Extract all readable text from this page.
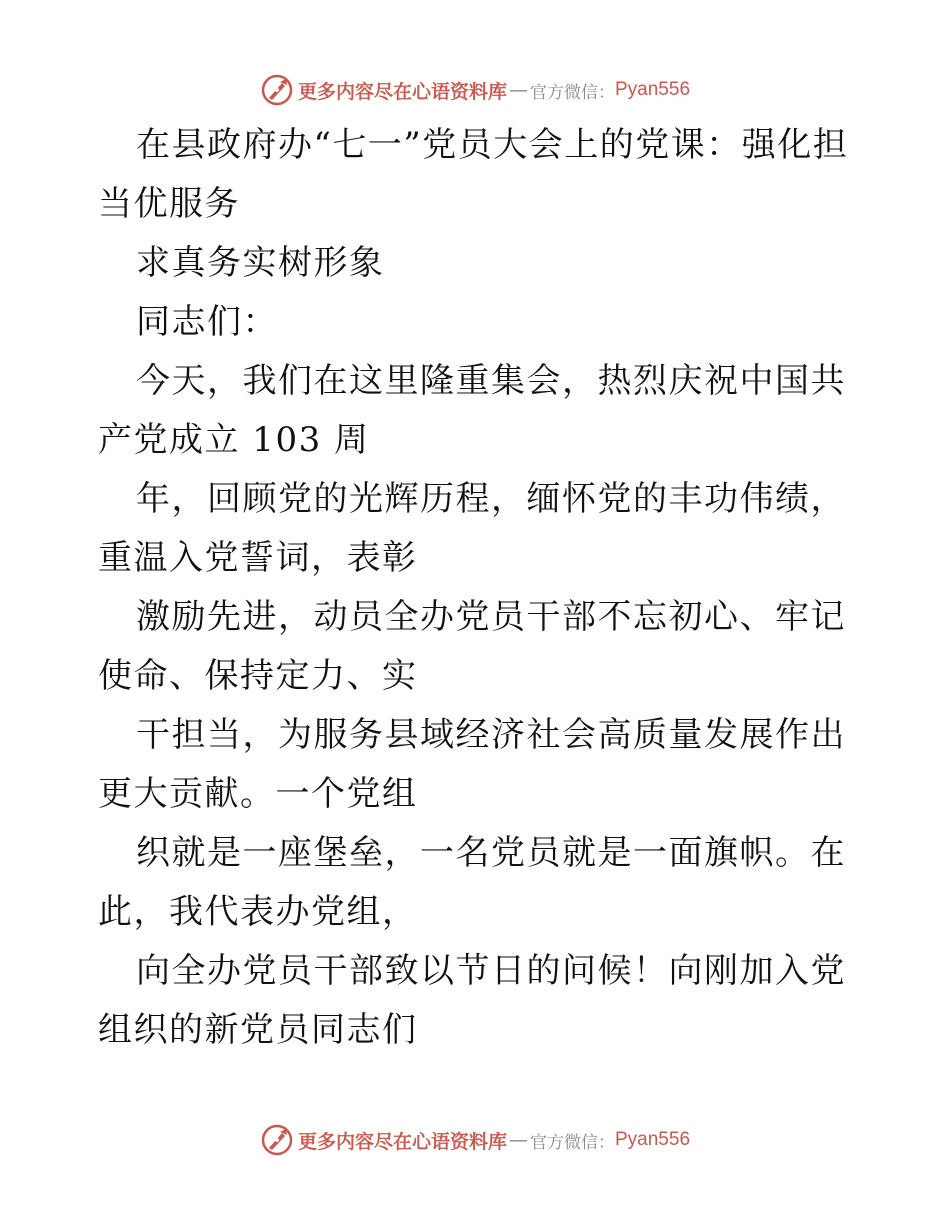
更多内容尽在心语资料库 — 官方微信： Pyan556

在县政府办“七一”党员大会上的党课：强化担当优服务

求真务实树形象

同志们：

今天，我们在这里隆重集会，热烈庆祝中国共产党成立 103 周

年，回顾党的光辉历程，缅怀党的丰功伟绩，重温入党誓词，表彰

激励先进，动员全办党员干部不忘初心、牢记使命、保持定力、实

干担当，为服务县域经济社会高质量发展作出更大贡献。一个党组

织就是一座堡垒，一名党员就是一面旗帜。在此，我代表办党组，

向全办党员干部致以节日的问候！向刚加入党组织的新党员同志们

更多内容尽在心语资料库 — 官方微信： Pyan556
